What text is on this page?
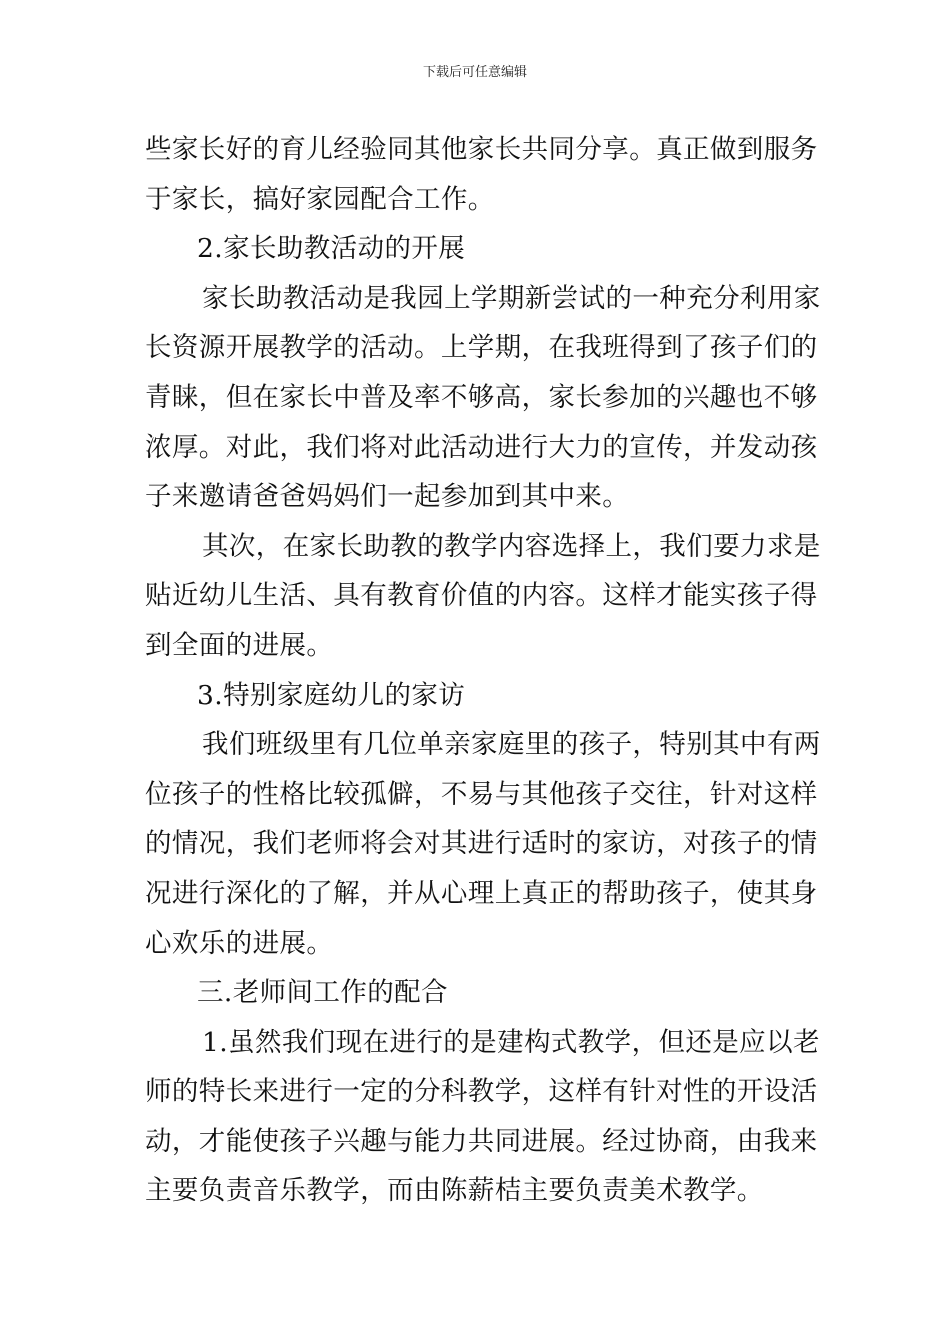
下载后可任意编辑
些家长好的育儿经验同其他家长共同分享。真正做到服务
于家长，搞好家园配合工作。
2.家长助教活动的开展
家长助教活动是我园上学期新尝试的一种充分利用家
长资源开展教学的活动。上学期，在我班得到了孩子们的
青睐，但在家长中普及率不够高，家长参加的兴趣也不够
浓厚。对此，我们将对此活动进行大力的宣传，并发动孩
子来邀请爸爸妈妈们一起参加到其中来。
其次，在家长助教的教学内容选择上，我们要力求是
贴近幼儿生活、具有教育价值的内容。这样才能实孩子得
到全面的进展。
3.特别家庭幼儿的家访
我们班级里有几位单亲家庭里的孩子，特别其中有两
位孩子的性格比较孤僻，不易与其他孩子交往，针对这样
的情况，我们老师将会对其进行适时的家访，对孩子的情
况进行深化的了解，并从心理上真正的帮助孩子，使其身
心欢乐的进展。
三.老师间工作的配合
1.虽然我们现在进行的是建构式教学，但还是应以老
师的特长来进行一定的分科教学，这样有针对性的开设活
动，才能使孩子兴趣与能力共同进展。经过协商，由我来
主要负责音乐教学，而由陈薪桔主要负责美术教学。
